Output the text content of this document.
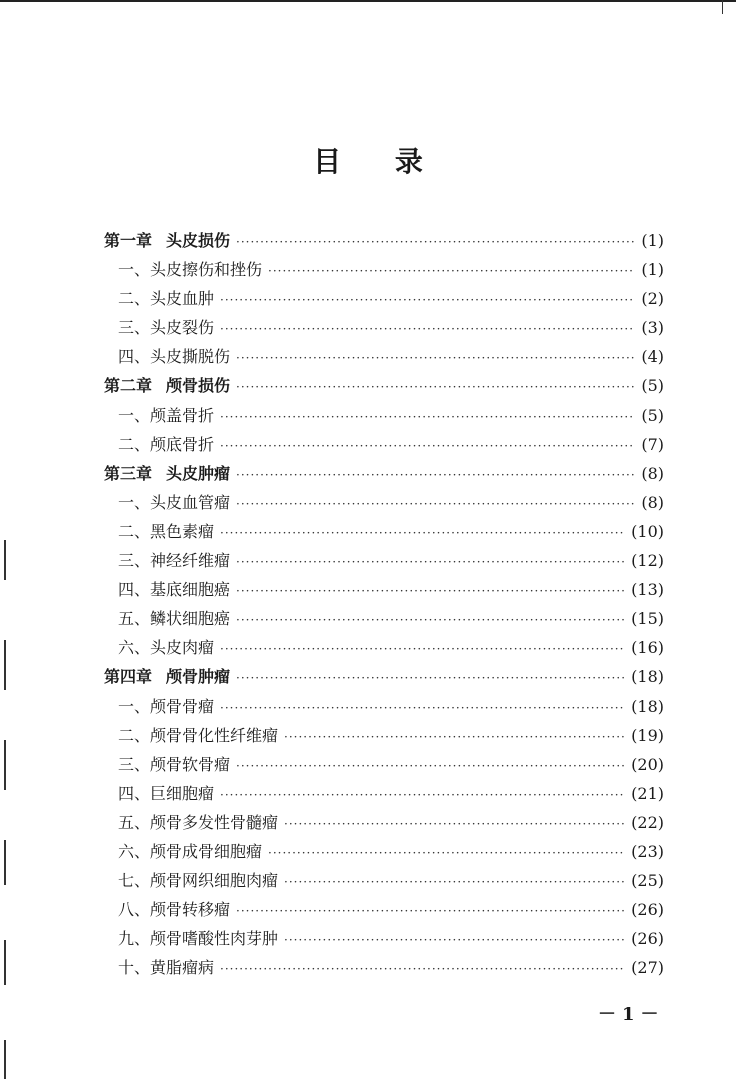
目 录
第一章 头皮损伤 ·····	(1)
一、头皮擦伤和挫伤 ·····	(1)
二、头皮血肿 ·····	(2)
三、头皮裂伤 ·····	(3)
四、头皮撕脱伤 ·····	(4)
第二章 颅骨损伤 ·····	(5)
一、颅盖骨折 ·····	(5)
二、颅底骨折 ·····	(7)
第三章 头皮肿瘤 ·····	(8)
一、头皮血管瘤 ·····	(8)
二、黑色素瘤 ·····	(10)
三、神经纤维瘤 ·····	(12)
四、基底细胞癌 ·····	(13)
五、鳞状细胞癌 ·····	(15)
六、头皮肉瘤 ·····	(16)
第四章 颅骨肿瘤 ·····	(18)
一、颅骨骨瘤 ·····	(18)
二、颅骨骨化性纤维瘤 ·····	(19)
三、颅骨软骨瘤 ·····	(20)
四、巨细胞瘤 ·····	(21)
五、颅骨多发性骨髓瘤 ·····	(22)
六、颅骨成骨细胞瘤 ·····	(23)
七、颅骨网织细胞肉瘤 ·····	(25)
八、颅骨转移瘤 ·····	(26)
九、颅骨嗜酸性肉芽肿 ·····	(26)
十、黄脂瘤病 ·····	(27)
－1－
